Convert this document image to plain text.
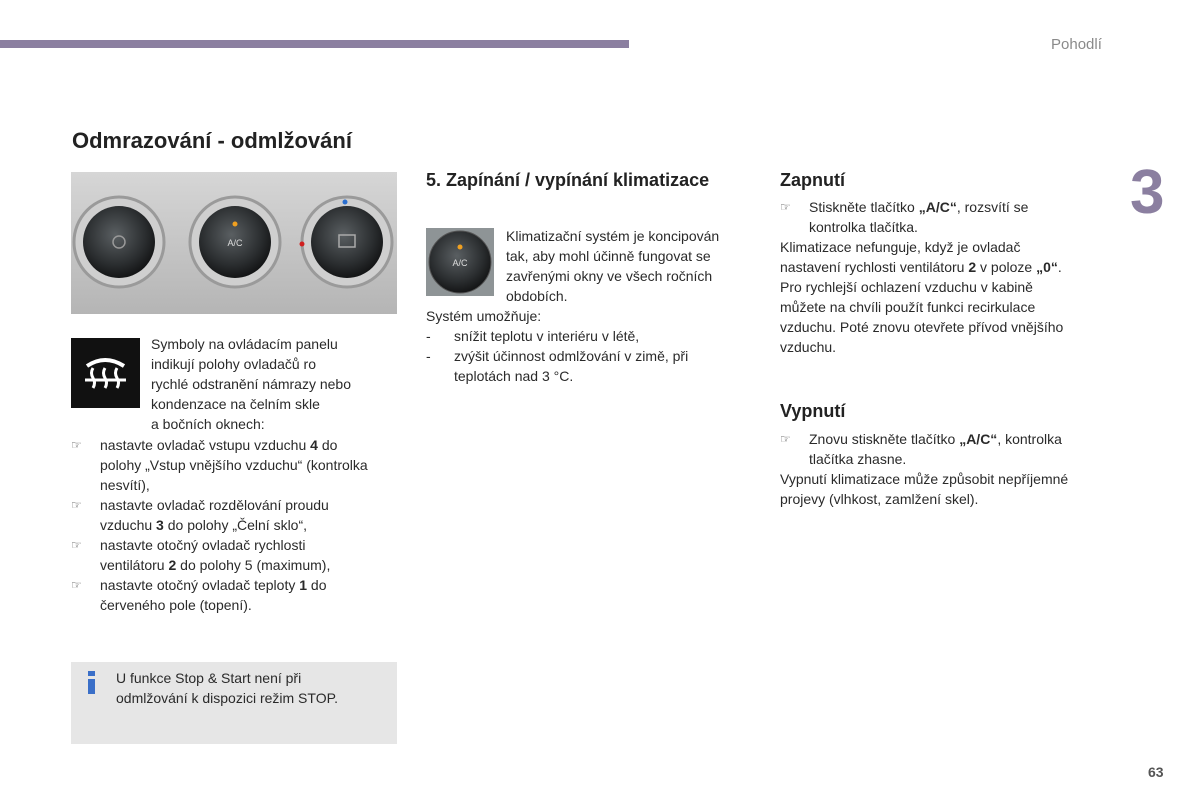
Pohodlí
3
Odmrazování - odmlžování
A/C
Symboly na ovládacím panelu
indikují polohy ovladačů ro
rychlé odstranění námrazy nebo
kondenzace na čelním skle
a bočních oknech:
☞	nastavte ovladač vstupu vzduchu 4 do
polohy „Vstup vnějšího vzduchu“ (kontrolka
nesvítí),
☞	nastavte ovladač rozdělování proudu
vzduchu 3 do polohy „Čelní sklo“,
☞	nastavte otočný ovladač rychlosti
ventilátoru 2 do polohy 5 (maximum),
☞	nastavte otočný ovladač teploty 1 do
červeného pole (topení).
U funkce Stop & Start není při
odmlžování k dispozici režim STOP.
5. Zapínání / vypínání klimatizace
A/C
Klimatizační systém je koncipován
tak, aby mohl účinně fungovat se
zavřenými okny ve všech ročních
obdobích.
Systém umožňuje:
-	snížit teplotu v interiéru v létě,
-	zvýšit účinnost odmlžování v zimě, při
teplotách nad 3 °C.
Zapnutí
☞	Stiskněte tlačítko „A/C“, rozsvítí se
kontrolka tlačítka.
Klimatizace nefunguje, když je ovladač
nastavení rychlosti ventilátoru 2 v poloze „0“.
Pro rychlejší ochlazení vzduchu v kabině
můžete na chvíli použít funkci recirkulace
vzduchu. Poté znovu otevřete přívod vnějšího
vzduchu.
Vypnutí
☞	Znovu stiskněte tlačítko „A/C“, kontrolka
tlačítka zhasne.
Vypnutí klimatizace může způsobit nepříjemné
projevy (vlhkost, zamlžení skel).
63
